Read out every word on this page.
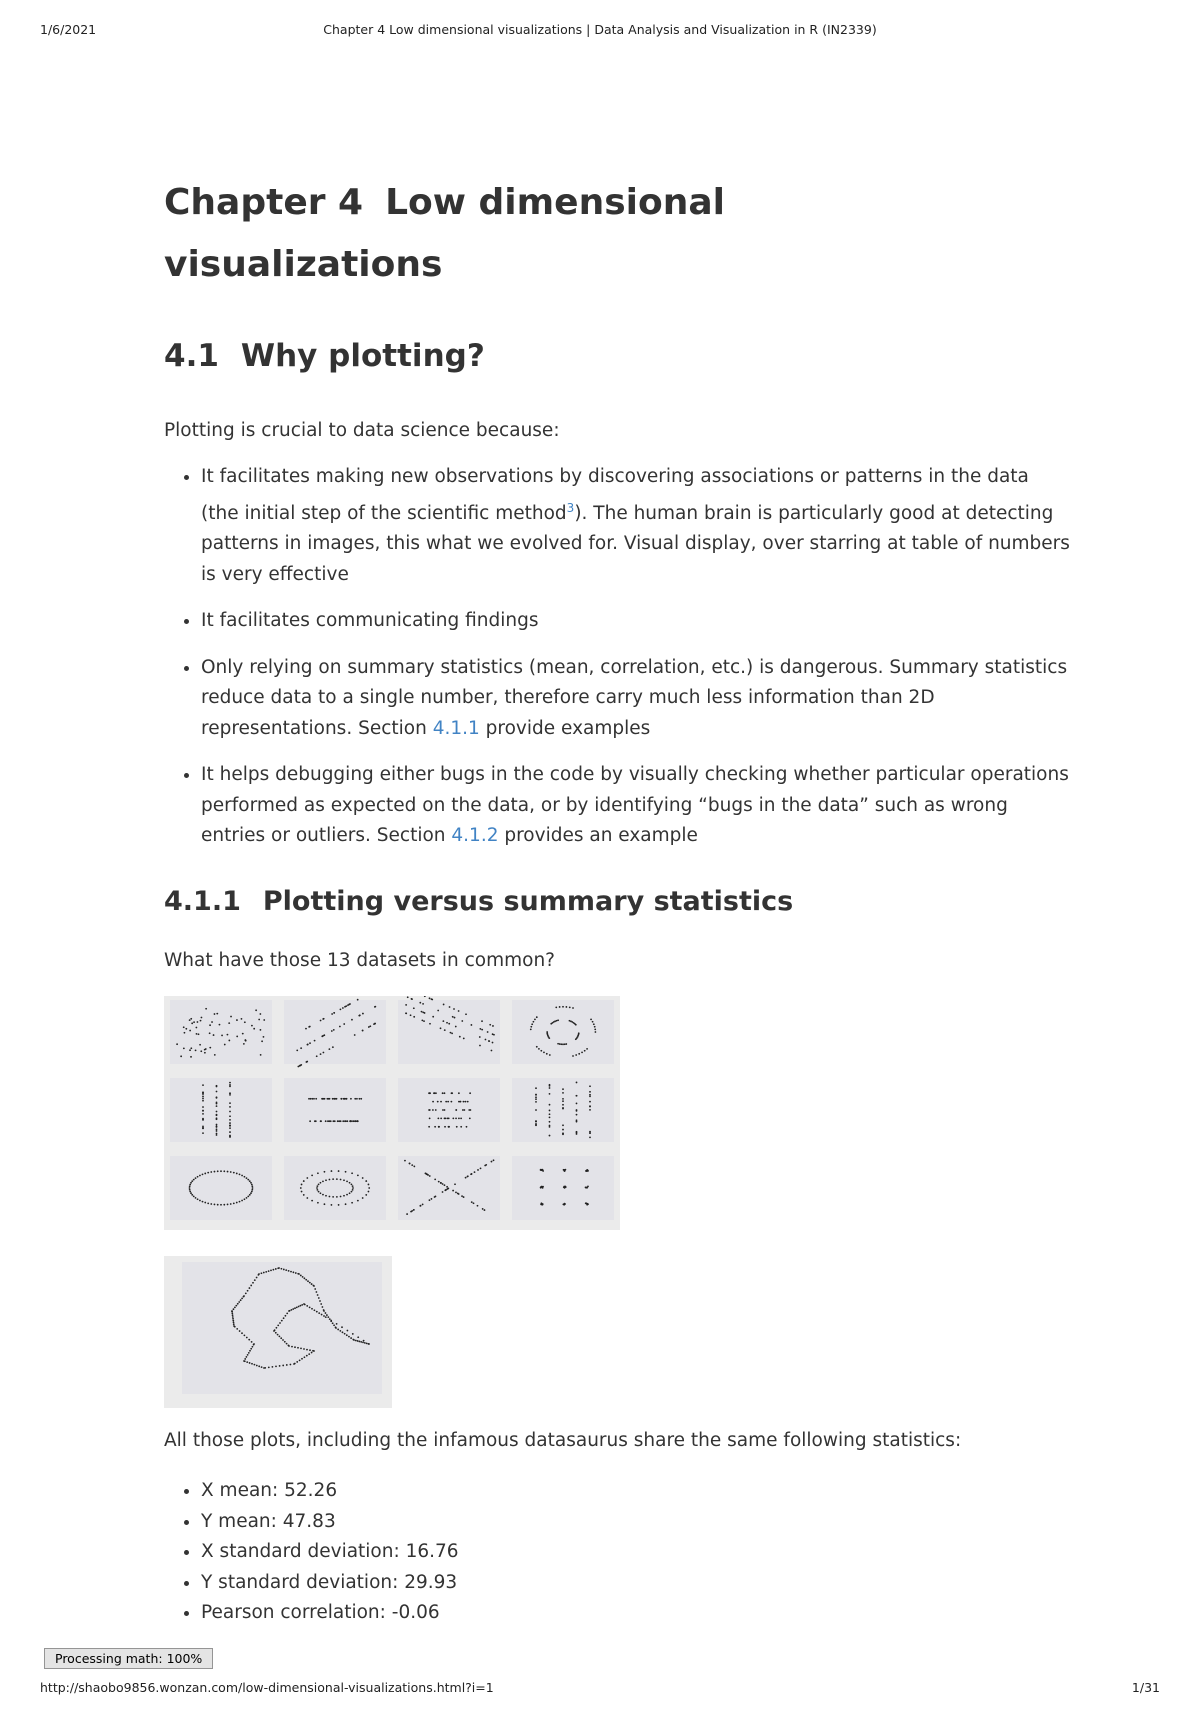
1/6/2021	Chapter 4 Low dimensional visualizations | Data Analysis and Visualization in R (IN2339)
Chapter 4 Low dimensional visualizations
4.1 Why plotting?

Plotting is crucial to data science because:

• It facilitates making new observations by discovering associations or patterns in the data (the initial step of the scientific method$^3$). The human brain is particularly good at detecting patterns in images, this what we evolved for. Visual display, over starring at table of numbers is very effective
• It facilitates communicating findings
• Only relying on summary statistics (mean, correlation, etc.) is dangerous. Summary statistics reduce data to a single number, therefore carry much less information than 2D representations. Section 4.1.1 provide examples
• It helps debugging either bugs in the code by visually checking whether particular operations performed as expected on the data, or by identifying “bugs in the data” such as wrong entries or outliers. Section 4.1.2 provides an example
4.1.1 Plotting versus summary statistics

What have those 13 datasets in common?

All those plots, including the infamous datasaurus share the same following statistics:

• X mean: 52.26
• Y mean: 47.83
• X standard deviation: 16.76
• Y standard deviation: 29.93
• Pearson correlation: -0.06
Processing math: 100%
http://shaobo9856.wonzan.com/low-dimensional-visualizations.html?i=1	1/31
